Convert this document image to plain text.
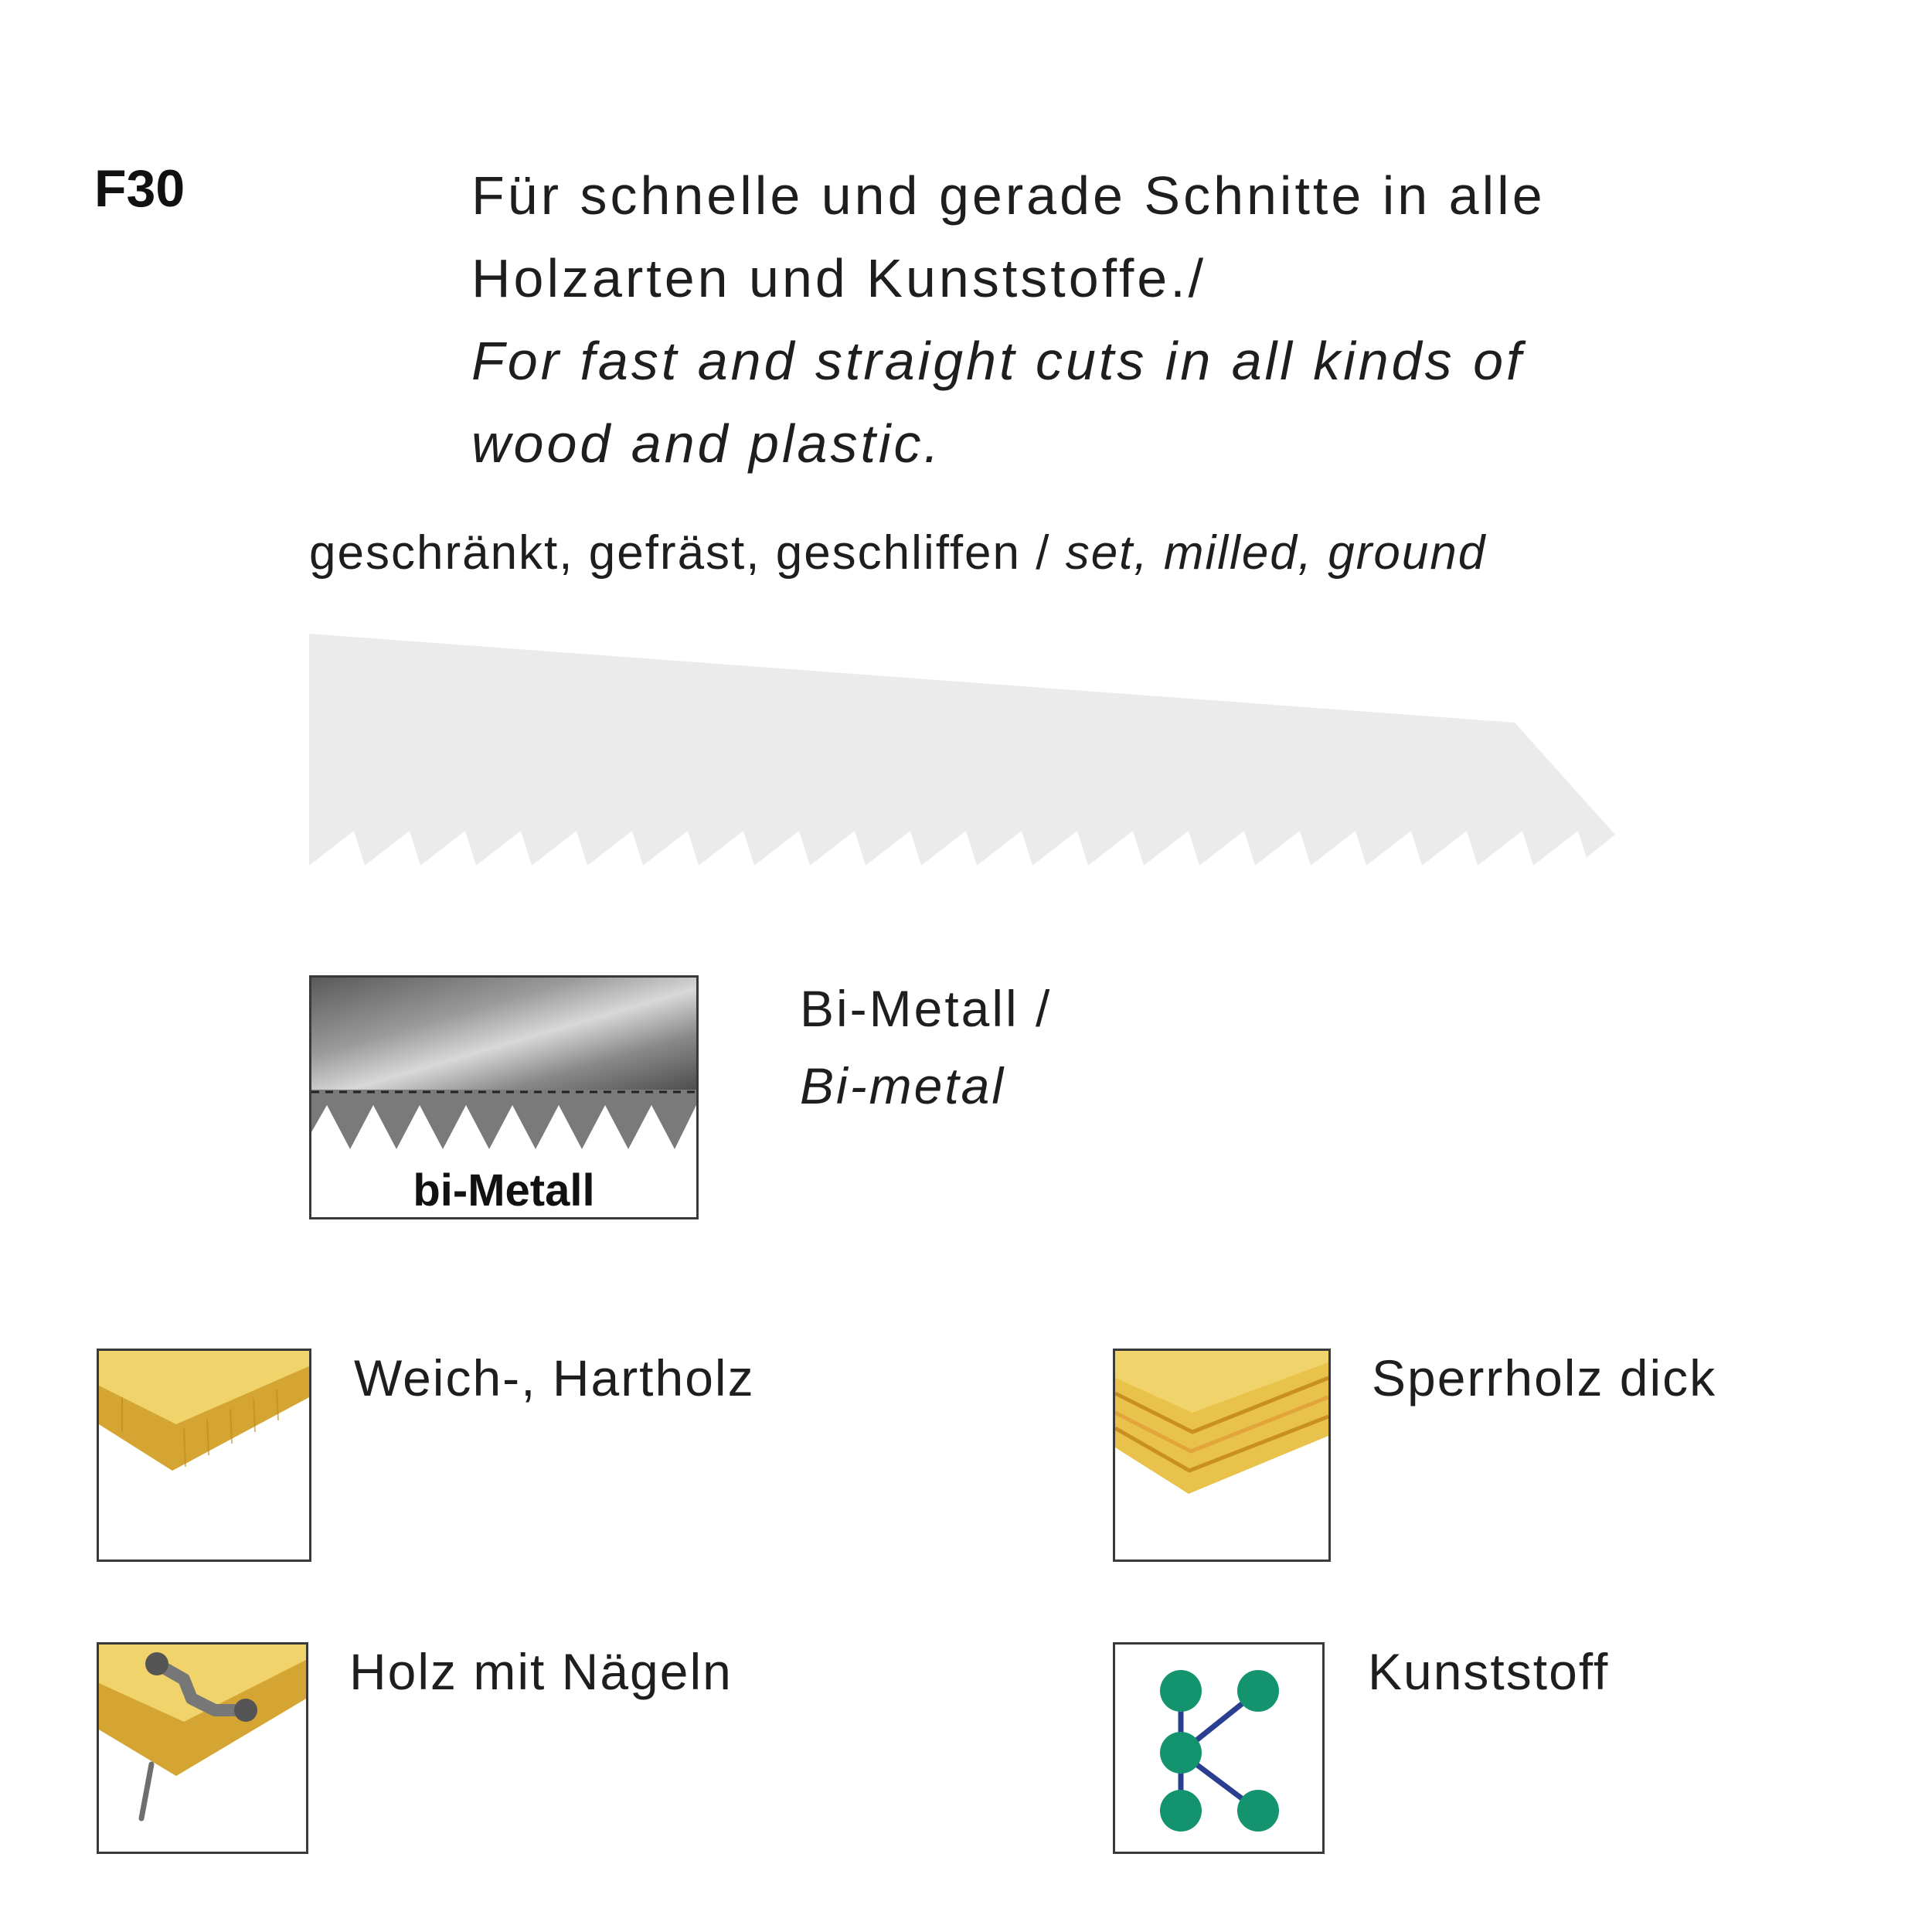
F30	Für schnelle und gerade Schnitte in alle
Holzarten und Kunststoffe./
For fast and straight cuts in all kinds of
wood and plastic.
geschränkt, gefräst, geschliffen / set, milled, ground
bi-Metall
Bi-Metall /
Bi-metal
Weich-, Hartholz	Sperrholz dick
Holz mit Nägeln	Kunststoff
